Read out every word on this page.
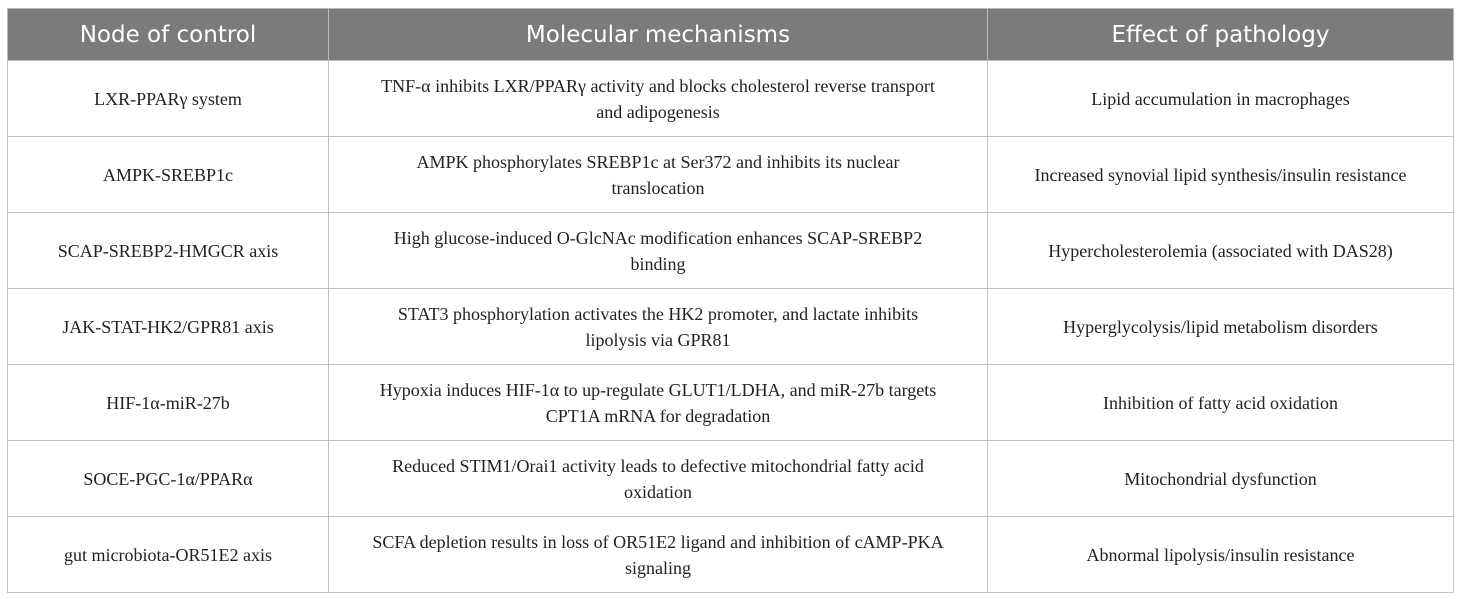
Node of control	Molecular mechanisms	Effect of pathology
LXR-PPARγ system	TNF-α inhibits LXR/PPARγ activity and blocks cholesterol reverse transport and adipogenesis	Lipid accumulation in macrophages
AMPK-SREBP1c	AMPK phosphorylates SREBP1c at Ser372 and inhibits its nuclear translocation	Increased synovial lipid synthesis/insulin resistance
SCAP-SREBP2-HMGCR axis	High glucose-induced O-GlcNAc modification enhances SCAP-SREBP2 binding	Hypercholesterolemia (associated with DAS28)
JAK-STAT-HK2/GPR81 axis	STAT3 phosphorylation activates the HK2 promoter, and lactate inhibits lipolysis via GPR81	Hyperglycolysis/lipid metabolism disorders
HIF-1α-miR-27b	Hypoxia induces HIF-1α to up-regulate GLUT1/LDHA, and miR-27b targets CPT1A mRNA for degradation	Inhibition of fatty acid oxidation
SOCE-PGC-1α/PPARα	Reduced STIM1/Orai1 activity leads to defective mitochondrial fatty acid oxidation	Mitochondrial dysfunction
gut microbiota-OR51E2 axis	SCFA depletion results in loss of OR51E2 ligand and inhibition of cAMP-PKA signaling	Abnormal lipolysis/insulin resistance
